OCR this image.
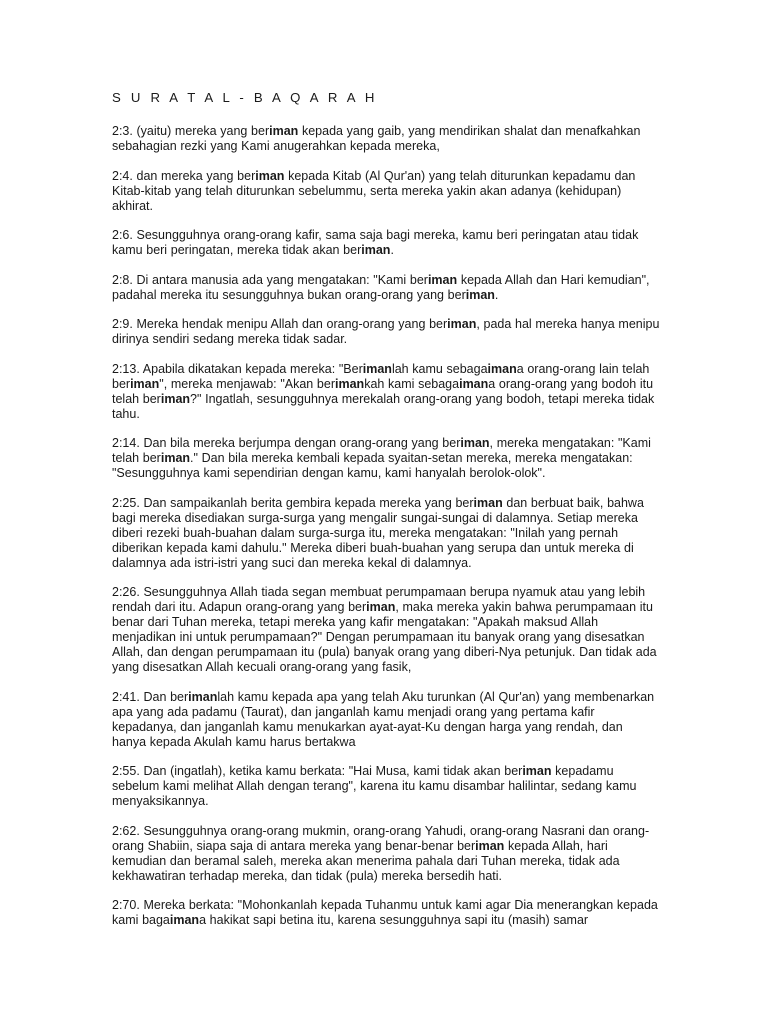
S U R A T A L - B A Q A R A H

2:3. (yaitu) mereka yang beriman kepada yang gaib, yang mendirikan shalat dan menafkahkan sebahagian rezki yang Kami anugerahkan kepada mereka,

2:4. dan mereka yang beriman kepada Kitab (Al Qur'an) yang telah diturunkan kepadamu dan Kitab-kitab yang telah diturunkan sebelummu, serta mereka yakin akan adanya (kehidupan) akhirat.

2:6. Sesungguhnya orang-orang kafir, sama saja bagi mereka, kamu beri peringatan atau tidak kamu beri peringatan, mereka tidak akan beriman.

2:8. Di antara manusia ada yang mengatakan: "Kami beriman kepada Allah dan Hari kemudian", padahal mereka itu sesungguhnya bukan orang-orang yang beriman.

2:9. Mereka hendak menipu Allah dan orang-orang yang beriman, pada hal mereka hanya menipu dirinya sendiri sedang mereka tidak sadar.

2:13. Apabila dikatakan kepada mereka: "Berimanlah kamu sebagaimana orang-orang lain telah beriman", mereka menjawab: "Akan berimankah kami sebagaimana orang-orang yang bodoh itu telah beriman?" Ingatlah, sesungguhnya merekalah orang-orang yang bodoh, tetapi mereka tidak tahu.

2:14. Dan bila mereka berjumpa dengan orang-orang yang beriman, mereka mengatakan: "Kami telah beriman." Dan bila mereka kembali kepada syaitan-setan mereka, mereka mengatakan: "Sesungguhnya kami sependirian dengan kamu, kami hanyalah berolok-olok".

2:25. Dan sampaikanlah berita gembira kepada mereka yang beriman dan berbuat baik, bahwa bagi mereka disediakan surga-surga yang mengalir sungai-sungai di dalamnya. Setiap mereka diberi rezeki buah-buahan dalam surga-surga itu, mereka mengatakan: "Inilah yang pernah diberikan kepada kami dahulu." Mereka diberi buah-buahan yang serupa dan untuk mereka di dalamnya ada istri-istri yang suci dan mereka kekal di dalamnya.

2:26. Sesungguhnya Allah tiada segan membuat perumpamaan berupa nyamuk atau yang lebih rendah dari itu. Adapun orang-orang yang beriman, maka mereka yakin bahwa perumpamaan itu benar dari Tuhan mereka, tetapi mereka yang kafir mengatakan: "Apakah maksud Allah menjadikan ini untuk perumpamaan?" Dengan perumpamaan itu banyak orang yang disesatkan Allah, dan dengan perumpamaan itu (pula) banyak orang yang diberi-Nya petunjuk. Dan tidak ada yang disesatkan Allah kecuali orang-orang yang fasik,

2:41. Dan berimanlah kamu kepada apa yang telah Aku turunkan (Al Qur'an) yang membenarkan apa yang ada padamu (Taurat), dan janganlah kamu menjadi orang yang pertama kafir kepadanya, dan janganlah kamu menukarkan ayat-ayat-Ku dengan harga yang rendah, dan hanya kepada Akulah kamu harus bertakwa

2:55. Dan (ingatlah), ketika kamu berkata: "Hai Musa, kami tidak akan beriman kepadamu sebelum kami melihat Allah dengan terang", karena itu kamu disambar halilintar, sedang kamu menyaksikannya.

2:62. Sesungguhnya orang-orang mukmin, orang-orang Yahudi, orang-orang Nasrani dan orang-orang Shabiin, siapa saja di antara mereka yang benar-benar beriman kepada Allah, hari kemudian dan beramal saleh, mereka akan menerima pahala dari Tuhan mereka, tidak ada kekhawatiran terhadap mereka, dan tidak (pula) mereka bersedih hati.

2:70. Mereka berkata: "Mohonkanlah kepada Tuhanmu untuk kami agar Dia menerangkan kepada kami bagaimana hakikat sapi betina itu, karena sesungguhnya sapi itu (masih) samar
